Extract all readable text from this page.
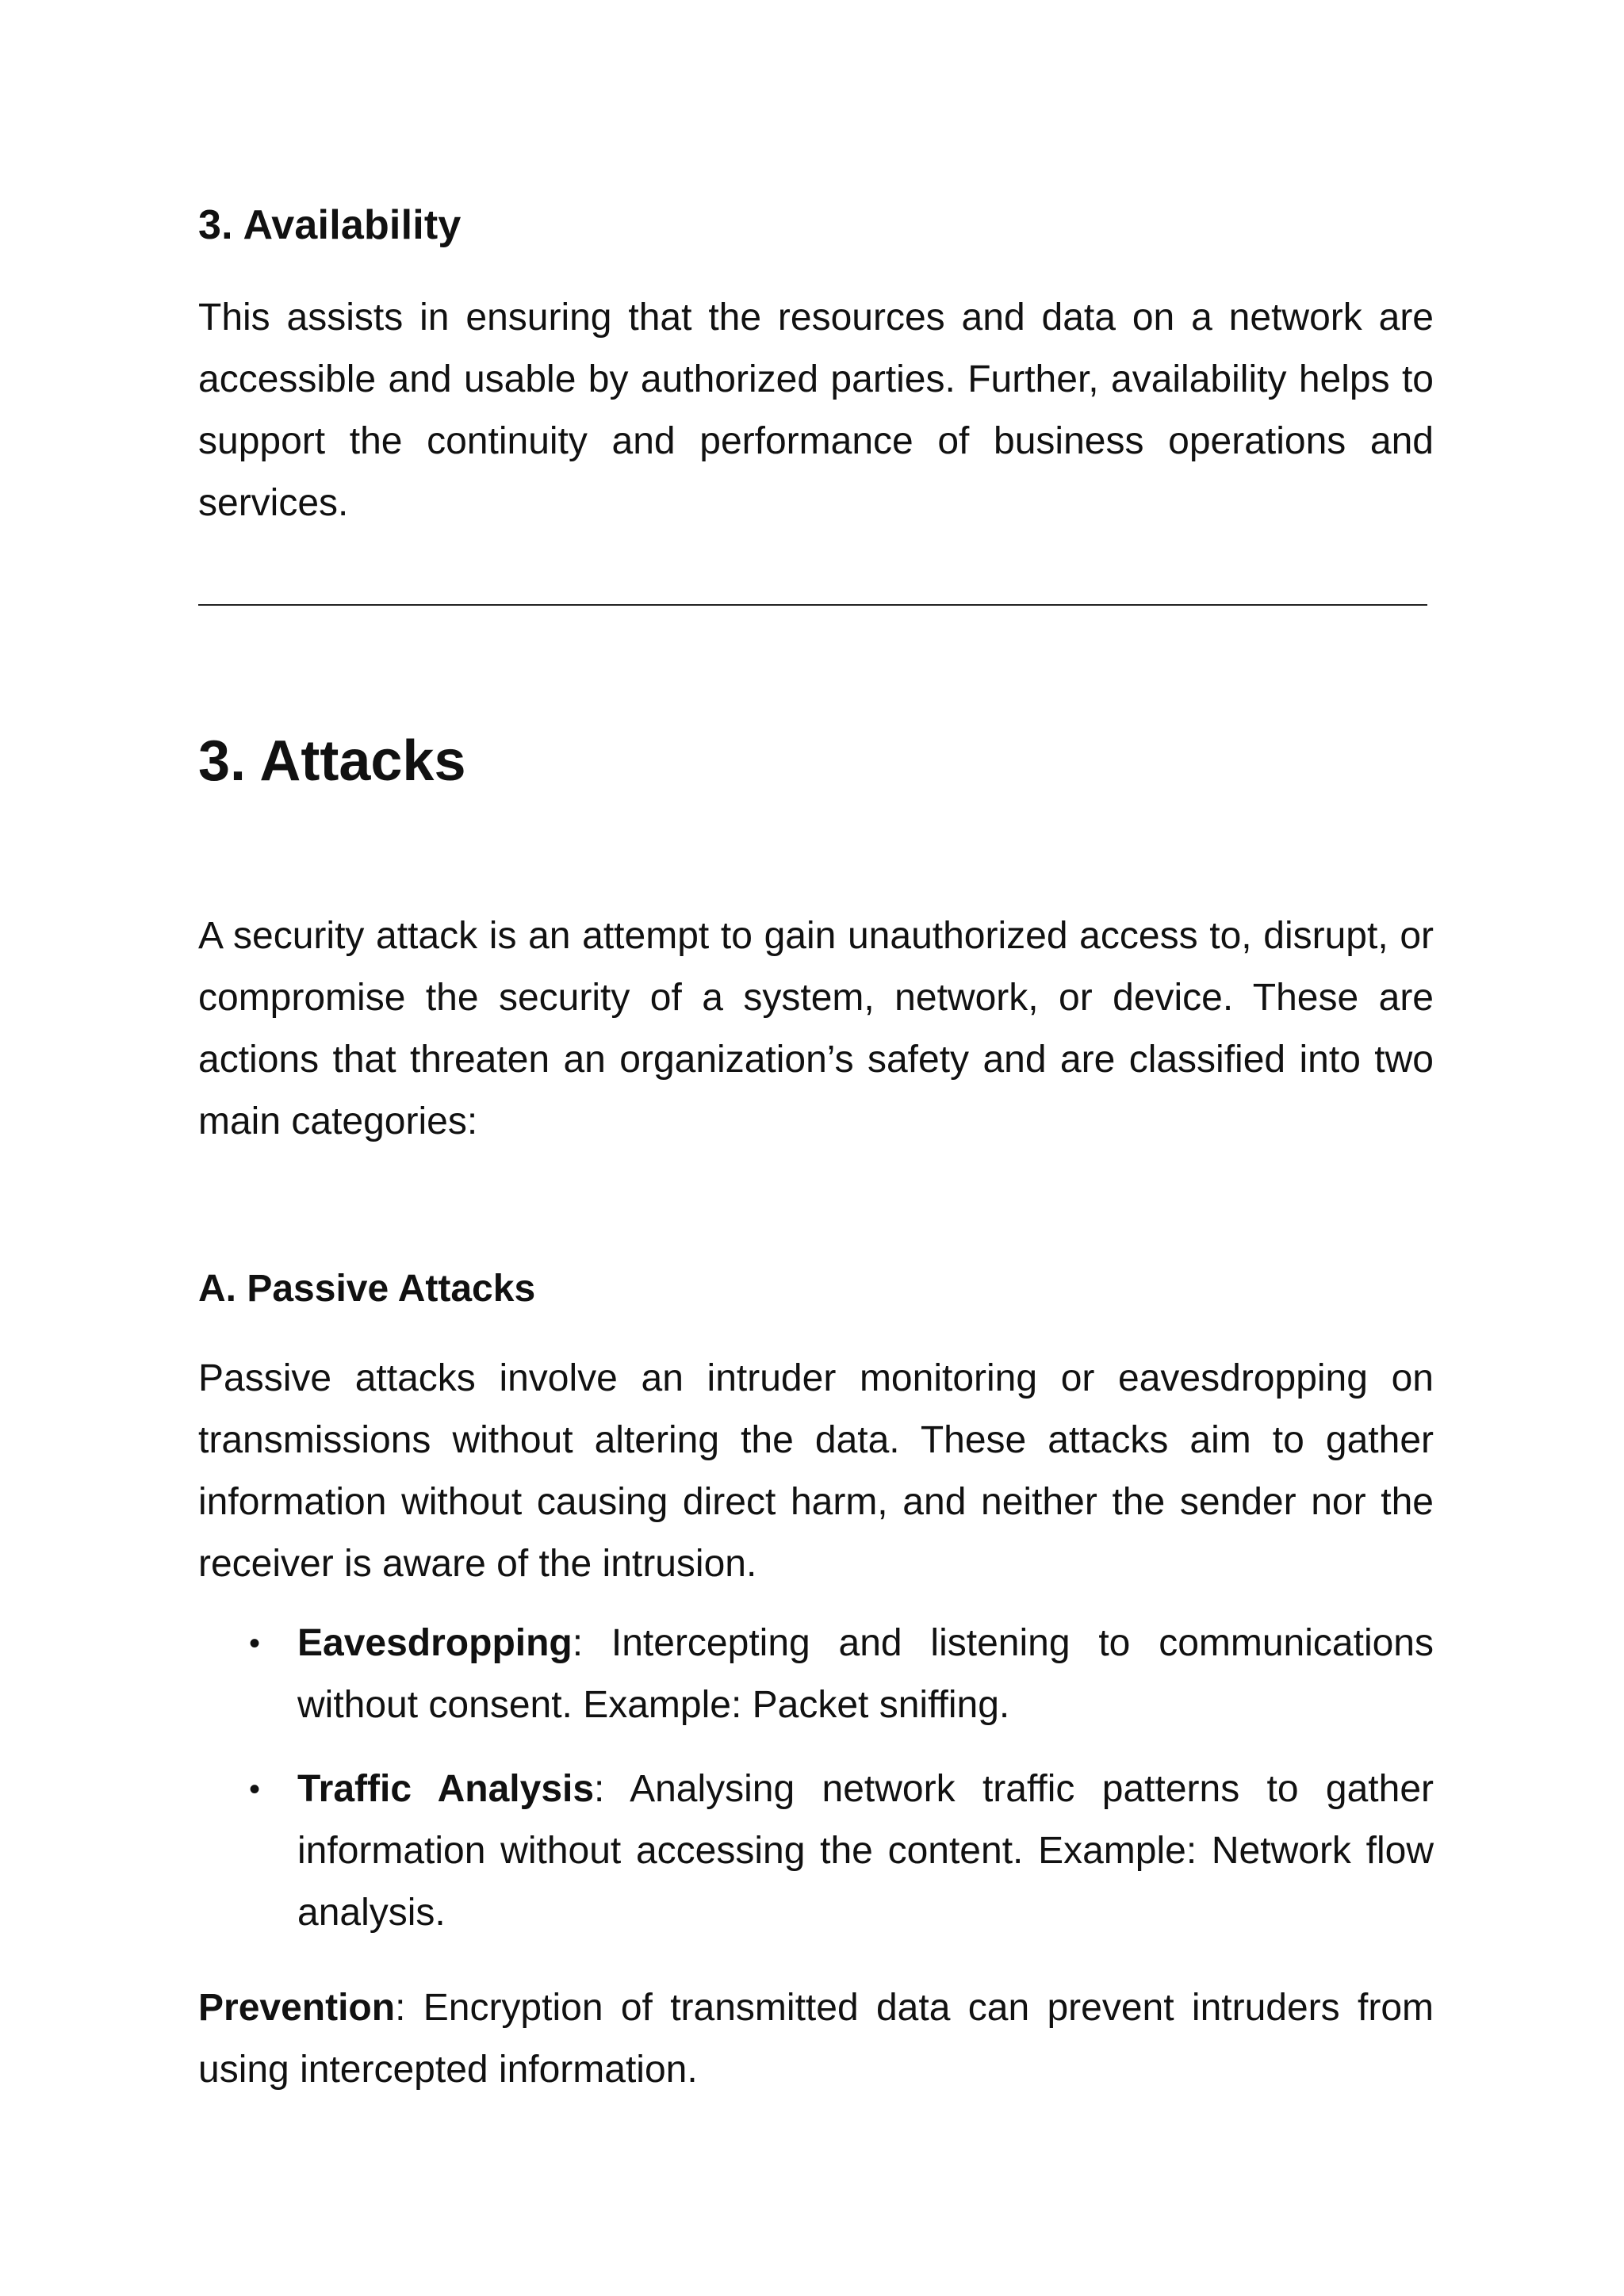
3. Availability

This assists in ensuring that the resources and data on a network are accessible and usable by authorized parties. Further, availability helps to support the continuity and performance of business operations and services.

3. Attacks

A security attack is an attempt to gain unauthorized access to, disrupt, or compromise the security of a system, network, or device. These are actions that threaten an organization’s safety and are classified into two main categories:

A. Passive Attacks

Passive attacks involve an intruder monitoring or eavesdropping on transmissions without altering the data. These attacks aim to gather information without causing direct harm, and neither the sender nor the receiver is aware of the intrusion.

• Eavesdropping: Intercepting and listening to communications without consent. Example: Packet sniffing.
• Traffic Analysis: Analysing network traffic patterns to gather information without accessing the content. Example: Network flow analysis.

Prevention: Encryption of transmitted data can prevent intruders from using intercepted information.
